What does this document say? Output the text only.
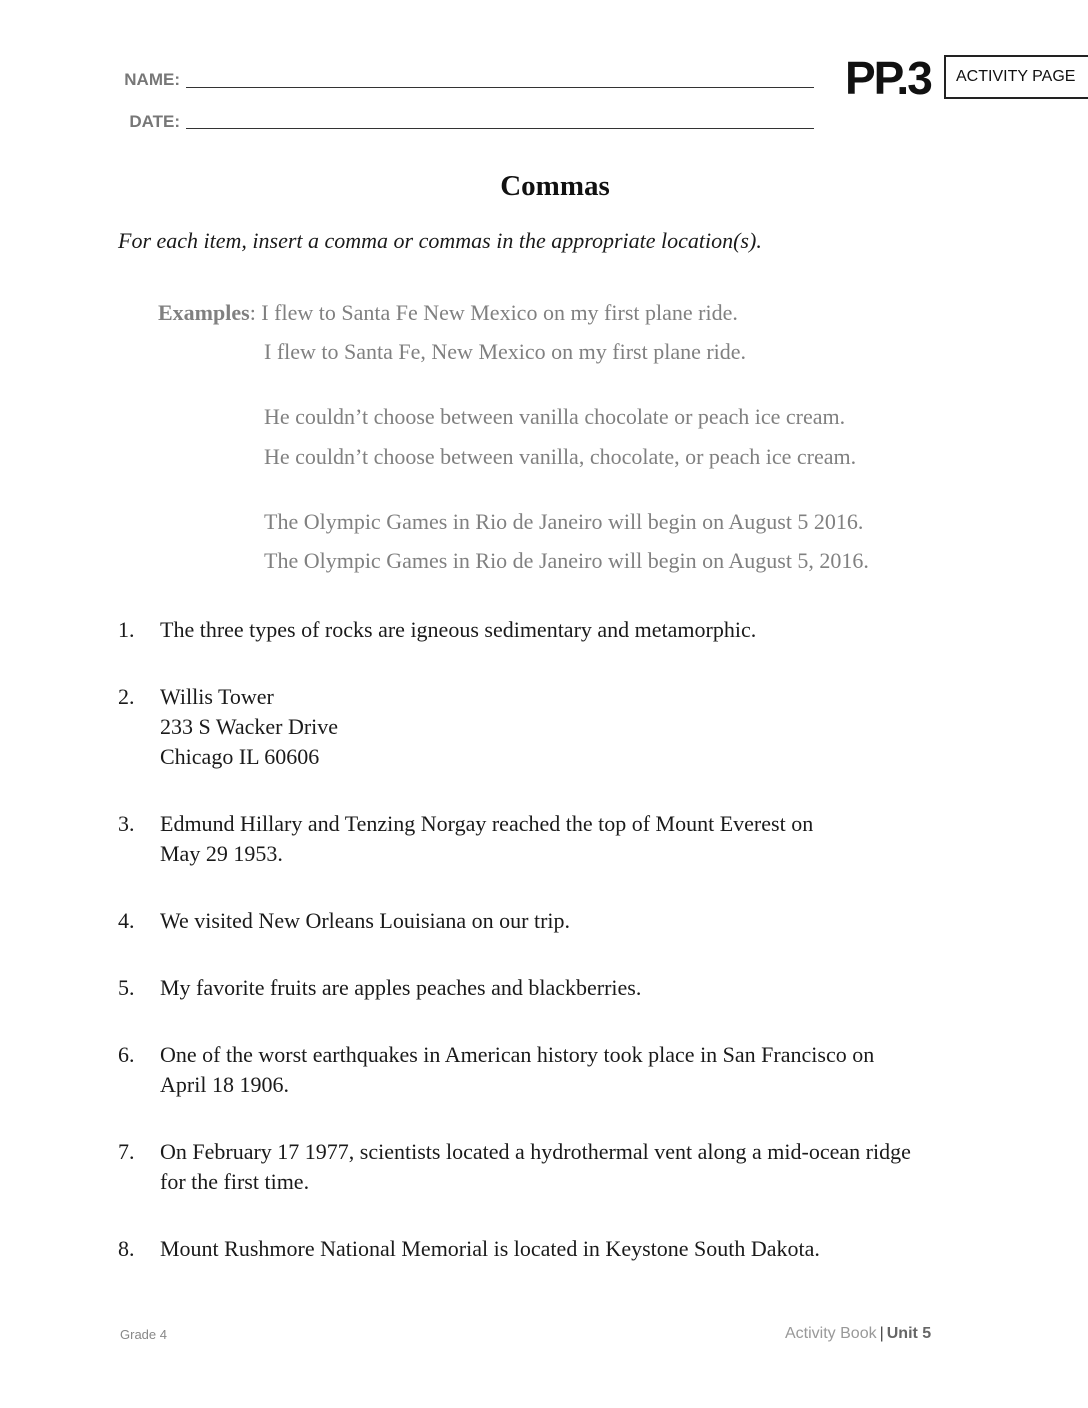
NAME:
DATE:
PP.3 ACTIVITY PAGE
Commas
For each item, insert a comma or commas in the appropriate location(s).
Examples: I flew to Santa Fe New Mexico on my first plane ride.
I flew to Santa Fe, New Mexico on my first plane ride.
He couldn’t choose between vanilla chocolate or peach ice cream.
He couldn’t choose between vanilla, chocolate, or peach ice cream.
The Olympic Games in Rio de Janeiro will begin on August 5 2016.
The Olympic Games in Rio de Janeiro will begin on August 5, 2016.
1. The three types of rocks are igneous sedimentary and metamorphic.
2. Willis Tower
233 S Wacker Drive
Chicago IL 60606
3. Edmund Hillary and Tenzing Norgay reached the top of Mount Everest on
May 29 1953.
4. We visited New Orleans Louisiana on our trip.
5. My favorite fruits are apples peaches and blackberries.
6. One of the worst earthquakes in American history took place in San Francisco on
April 18 1906.
7. On February 17 1977, scientists located a hydrothermal vent along a mid-ocean ridge
for the first time.
8. Mount Rushmore National Memorial is located in Keystone South Dakota.
Grade 4	Activity Book | Unit 5
